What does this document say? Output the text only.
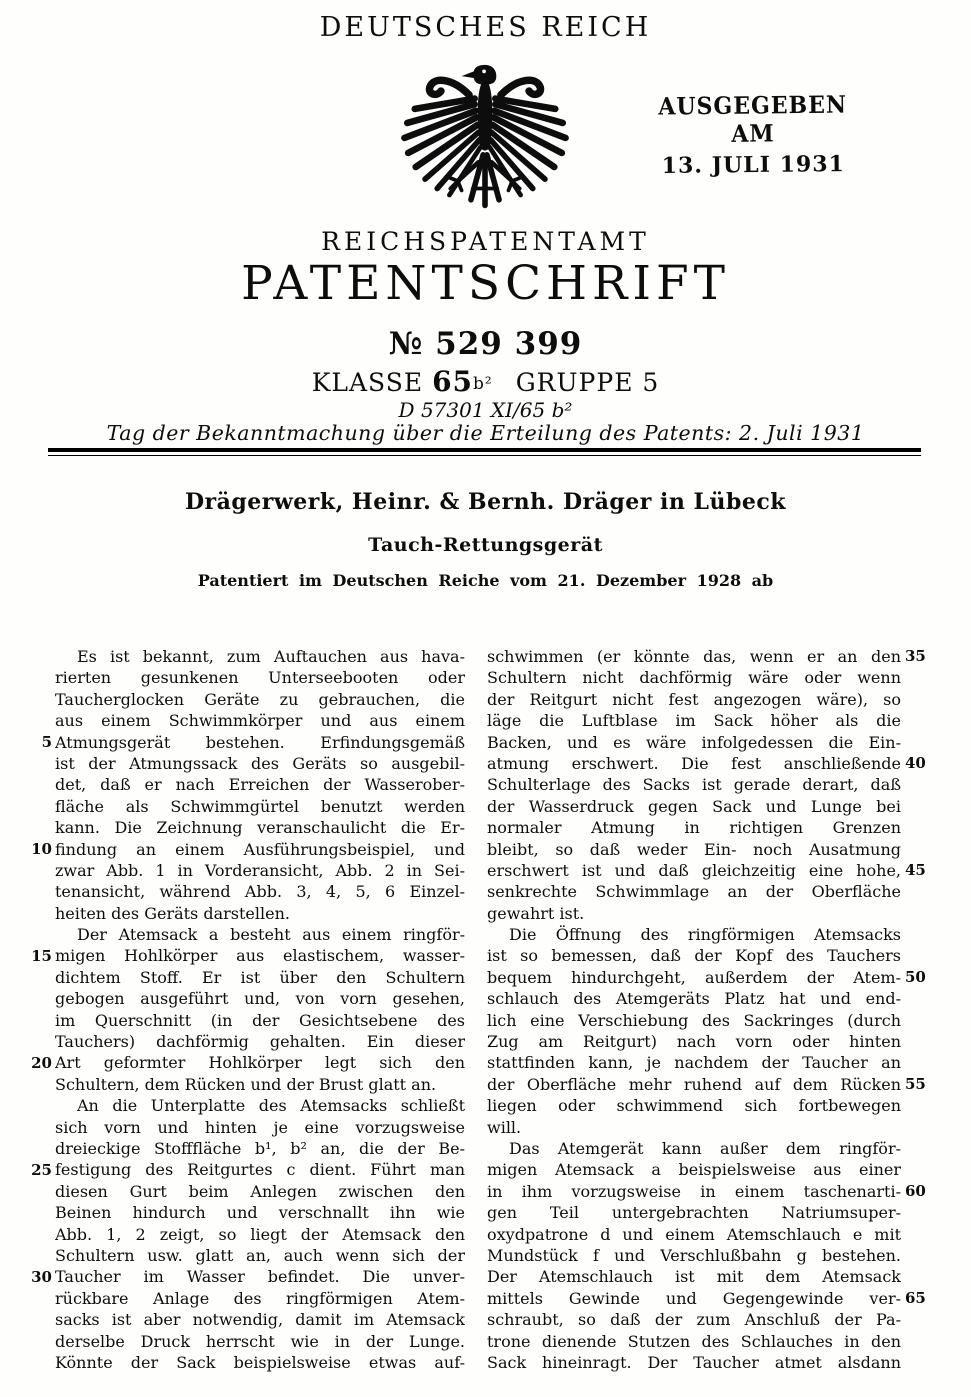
DEUTSCHES REICH
AUSGEGEBEN AM
13. JULI 1931
REICHSPATENTAMT
PATENTSCHRIFT
№ 529 399
KLASSE 65b² GRUPPE 5
D 57301 XI/65 b²
Tag der Bekanntmachung über die Erteilung des Patents: 2. Juli 1931
Drägerwerk, Heinr. & Bernh. Dräger in Lübeck
Tauch-Rettungsgerät
Patentiert im Deutschen Reiche vom 21. Dezember 1928 ab
5
10
15
20
25
30
Es ist bekannt, zum Auftauchen aus hava-
rierten gesunkenen Unterseebooten oder
Taucherglocken Geräte zu gebrauchen, die
aus einem Schwimmkörper und aus einem
Atmungsgerät bestehen. Erfindungsgemäß
ist der Atmungssack des Geräts so ausgebil-
det, daß er nach Erreichen der Wasserober-
fläche als Schwimmgürtel benutzt werden
kann. Die Zeichnung veranschaulicht die Er-
findung an einem Ausführungsbeispiel, und
zwar Abb. 1 in Vorderansicht, Abb. 2 in Sei-
tenansicht, während Abb. 3, 4, 5, 6 Einzel-
heiten des Geräts darstellen.
Der Atemsack a besteht aus einem ringför-
migen Hohlkörper aus elastischem, wasser-
dichtem Stoff. Er ist über den Schultern
gebogen ausgeführt und, von vorn gesehen,
im Querschnitt (in der Gesichtsebene des
Tauchers) dachförmig gehalten. Ein dieser
Art geformter Hohlkörper legt sich den
Schultern, dem Rücken und der Brust glatt an.
An die Unterplatte des Atemsacks schließt
sich vorn und hinten je eine vorzugsweise
dreieckige Stofffläche b¹, b² an, die der Be-
festigung des Reitgurtes c dient. Führt man
diesen Gurt beim Anlegen zwischen den
Beinen hindurch und verschnallt ihn wie
Abb. 1, 2 zeigt, so liegt der Atemsack den
Schultern usw. glatt an, auch wenn sich der
Taucher im Wasser befindet. Die unver-
rückbare Anlage des ringförmigen Atem-
sacks ist aber notwendig, damit im Atemsack
derselbe Druck herrscht wie in der Lunge.
Könnte der Sack beispielsweise etwas auf-
schwimmen (er könnte das, wenn er an den
Schultern nicht dachförmig wäre oder wenn
der Reitgurt nicht fest angezogen wäre), so
läge die Luftblase im Sack höher als die
Backen, und es wäre infolgedessen die Ein-
atmung erschwert. Die fest anschließende
Schulterlage des Sacks ist gerade derart, daß
der Wasserdruck gegen Sack und Lunge bei
normaler Atmung in richtigen Grenzen
bleibt, so daß weder Ein- noch Ausatmung
erschwert ist und daß gleichzeitig eine hohe,
senkrechte Schwimmlage an der Oberfläche
gewahrt ist.
Die Öffnung des ringförmigen Atemsacks
ist so bemessen, daß der Kopf des Tauchers
bequem hindurchgeht, außerdem der Atem-
schlauch des Atemgeräts Platz hat und end-
lich eine Verschiebung des Sackringes (durch
Zug am Reitgurt) nach vorn oder hinten
stattfinden kann, je nachdem der Taucher an
der Oberfläche mehr ruhend auf dem Rücken
liegen oder schwimmend sich fortbewegen
will.
Das Atemgerät kann außer dem ringför-
migen Atemsack a beispielsweise aus einer
in ihm vorzugsweise in einem taschenarti-
gen Teil untergebrachten Natriumsuper-
oxydpatrone d und einem Atemschlauch e mit
Mundstück f und Verschlußbahn g bestehen.
Der Atemschlauch ist mit dem Atemsack
mittels Gewinde und Gegengewinde ver-
schraubt, so daß der zum Anschluß der Pa-
trone dienende Stutzen des Schlauches in den
Sack hineinragt. Der Taucher atmet alsdann
35
40
45
50
55
60
65
